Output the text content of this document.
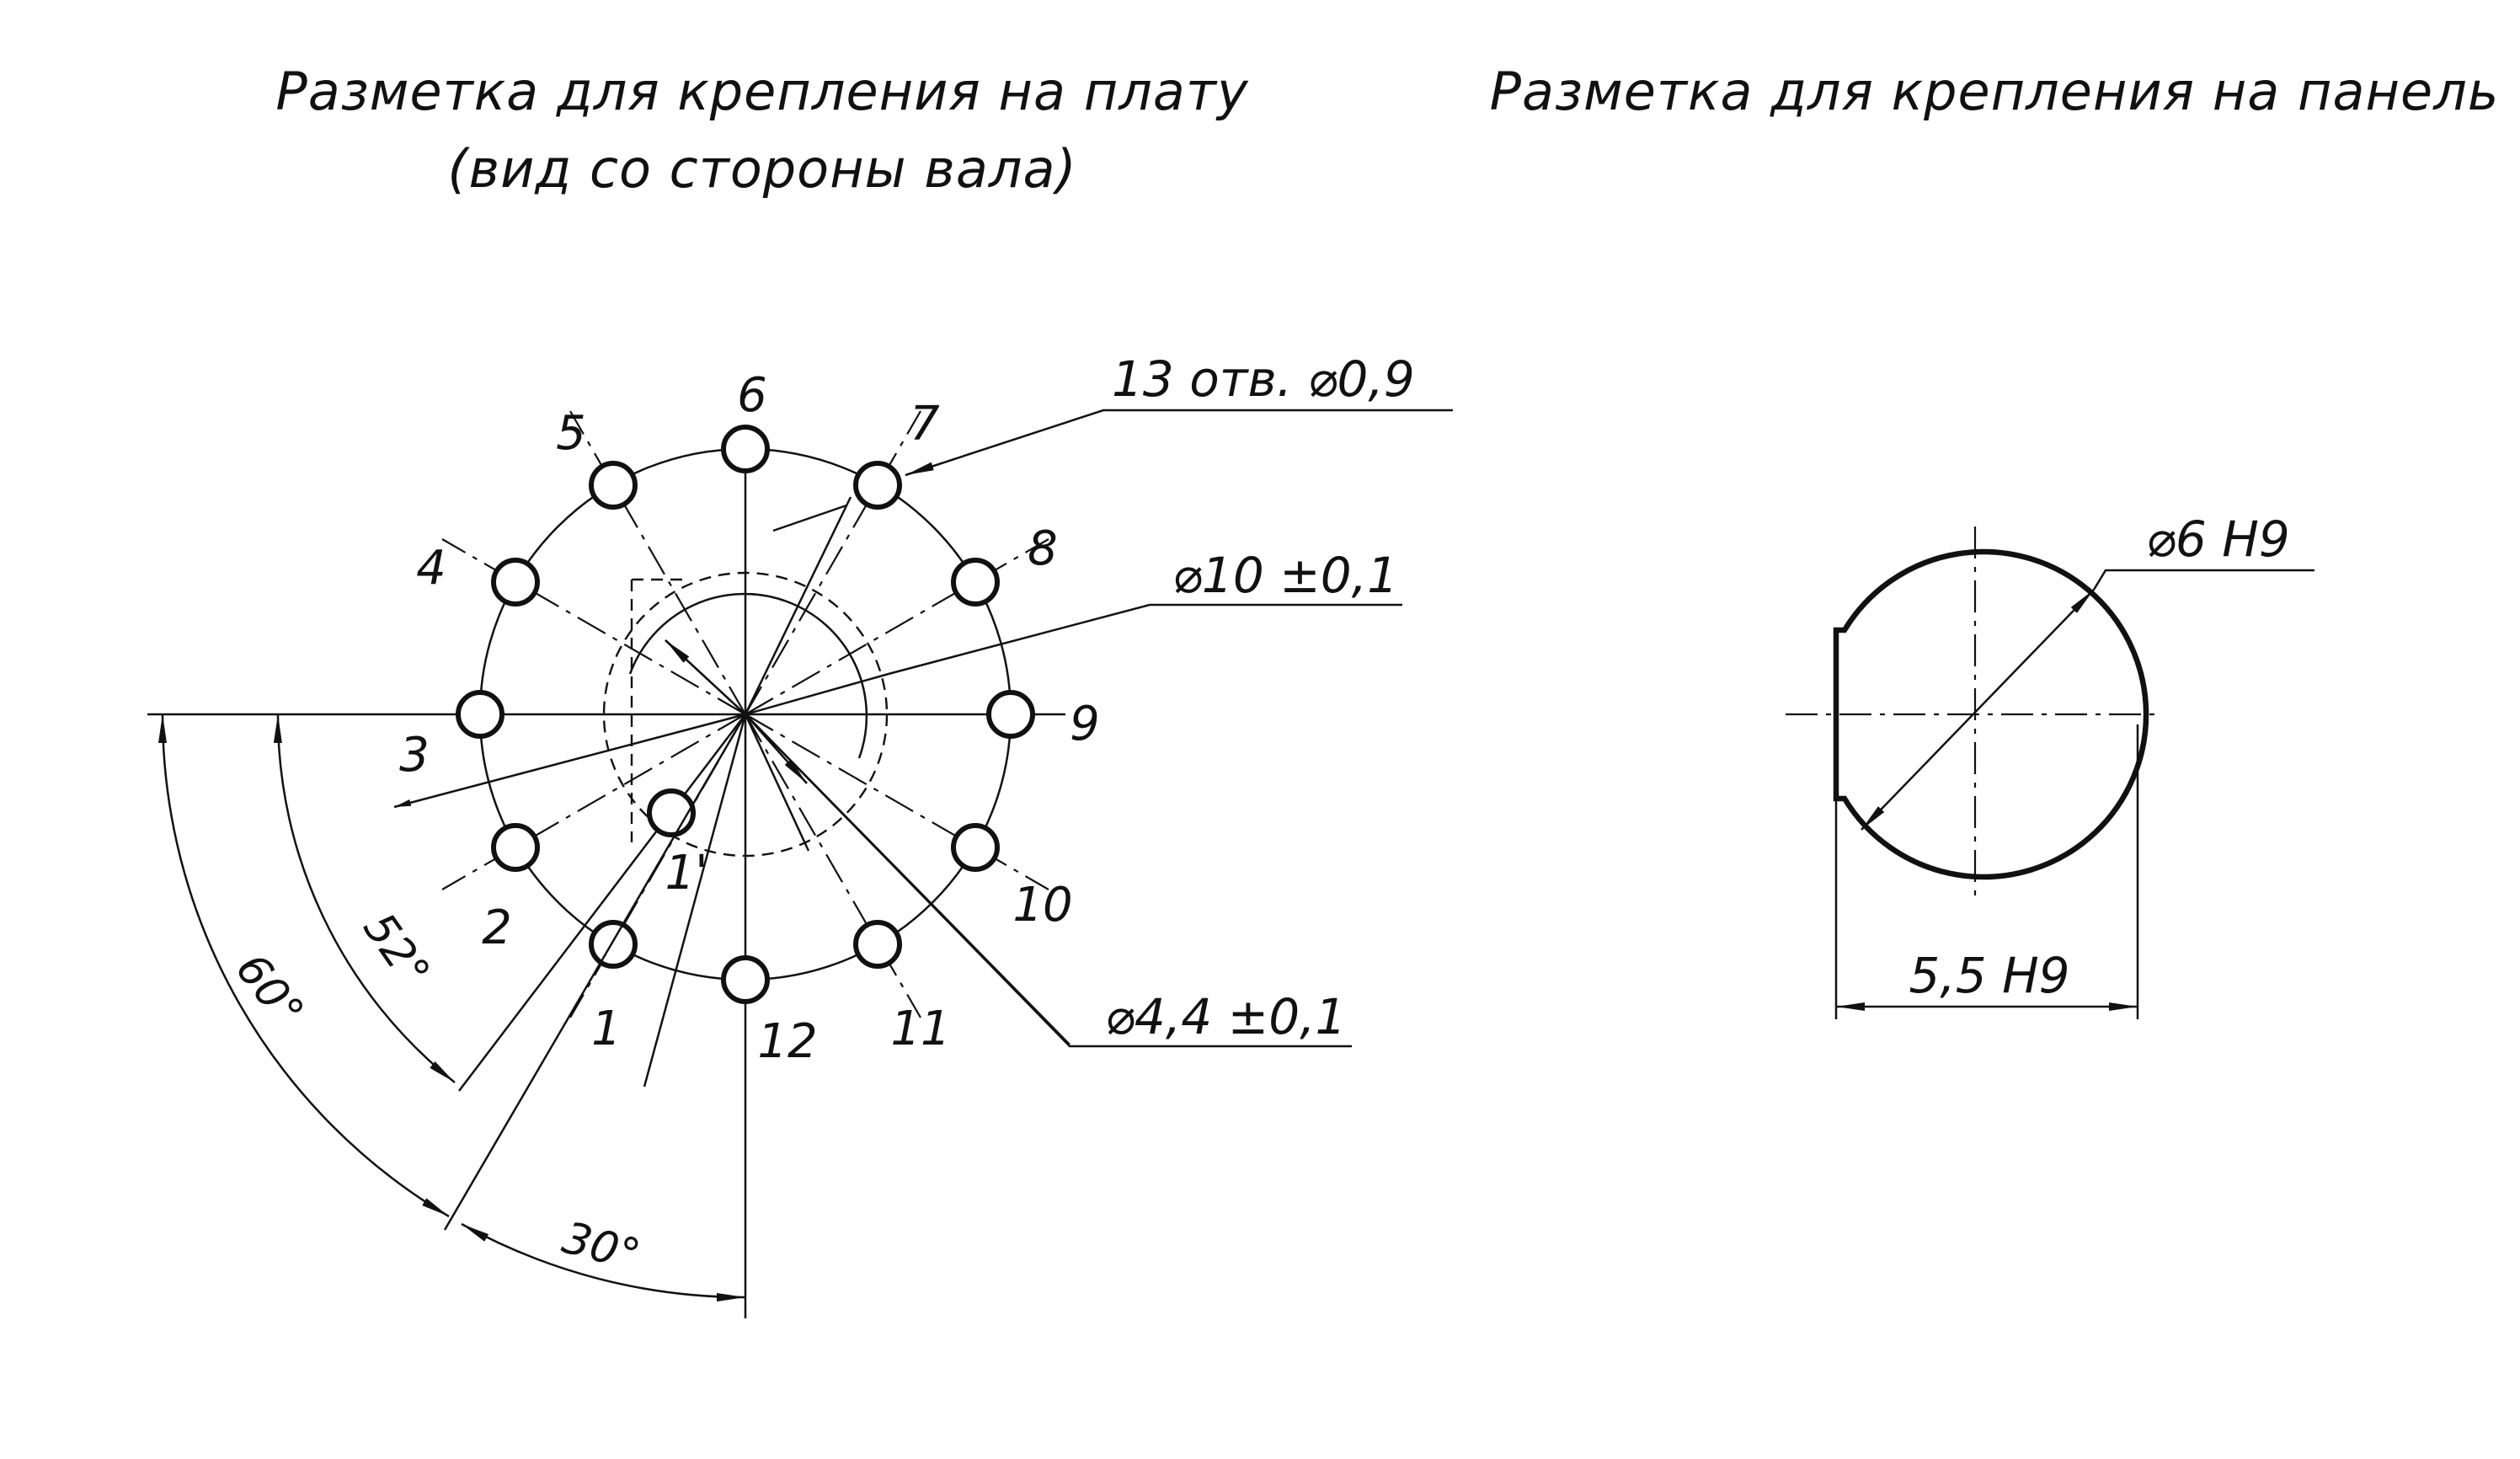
Разметка для крепления на плату
(вид со стороны вала)
1
2
3
4
5
6
7
8
9
10
11
12
1'
13 отв. ⌀0,9
⌀10 ±0,1
⌀4,4 ±0,1
52°
60°
30°
Разметка для крепления на панель
⌀6 H9
5,5 H9
